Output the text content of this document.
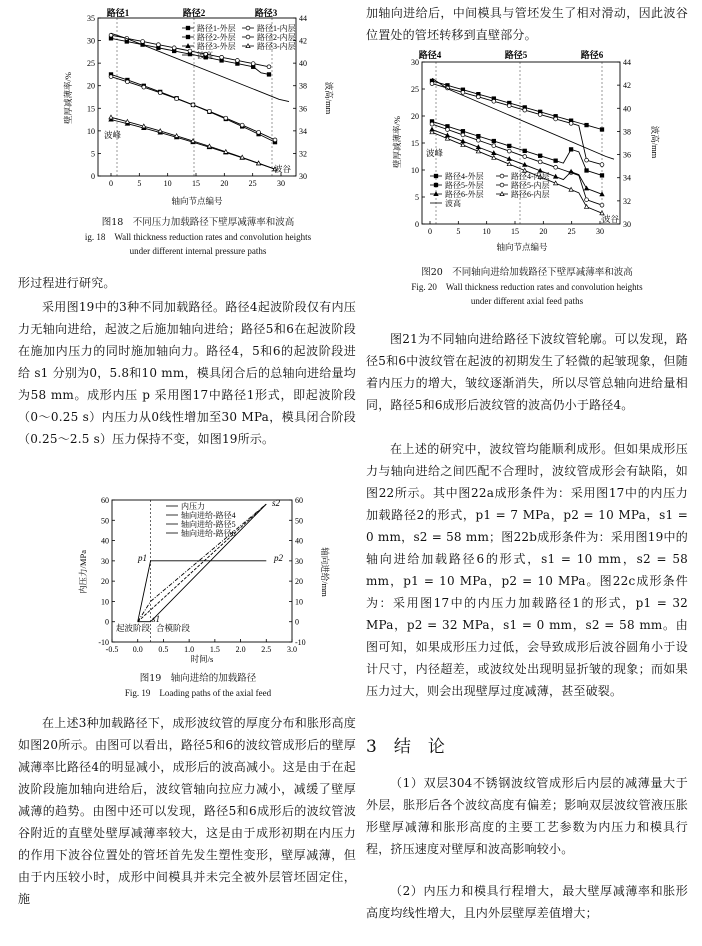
路径1	路径2	路径3
0
5
10
15
20
25
30
35
30
32
34
36
38
40
42
44
0	5	10	15	20	25	30
壁厚减薄率/%	波高/mm
轴向节点编号
路径1-外层	路径1-内层
路径2-外层	路径2-内层
路径3-外层	路径3-内层
波高
波峰
波谷
图18　不同压力加载路径下壁厚减薄率和波高
ig. 18　Wall thickness reduction rates and convolution heights
under different internal pressure paths
形过程进行研究。
采用图19中的3种不同加载路径。路径4起波阶段仅有内压力无轴向进给，起波之后施加轴向进给；路径5和6在起波阶段在施加内压力的同时施加轴向力。路径4，5和6的起波阶段进给 s1 分别为0，5.8和10 mm，模具闭合后的总轴向进给量均为58 mm。成形内压 p 采用图17中路径1形式，即起波阶段（0～0.25 s）内压力从0线性增加至30 MPa，模具闭合阶段（0.25～2.5 s）压力保持不变，如图19所示。
-10
0
10
20
30
40
50
60
-10
0
10
20
30
40
50
60
-0.5 0.0 0.5 1.0 1.5 2.0 2.5 3.0
内压力/MPa	轴向进给/mm
时间/s
内压力
轴向进给-路径4
轴向进给-路径5
轴向进给-路径6
p1	p2
s1
s2
起波阶段 合模阶段
图19　轴向进给的加载路径
Fig. 19　Loading paths of the axial feed
在上述3种加载路径下，成形波纹管的厚度分布和胀形高度如图20所示。由图可以看出，路径5和6的波纹管成形后的壁厚减薄率比路径4的明显减小，成形后的波高减小。这是由于在起波阶段施加轴向进给后，波纹管轴向拉应力减小，减缓了壁厚减薄的趋势。由图中还可以发现，路径5和6成形后的波纹管波谷附近的直壁处壁厚减薄率较大，这是由于成形初期在内压力的作用下波谷位置处的管坯首先发生塑性变形，壁厚减薄，但由于内压较小时，成形中间模具并未完全被外层管坯固定住，施
加轴向进给后，中间模具与管坯发生了相对滑动，因此波谷位置处的管坯转移到直壁部分。
路径4	路径5	路径6
0
5
10
15
20
25
30
30
32
34
36
38
40
42
44
0	5	10	15	20	25	30
壁厚减薄率/%	波高/mm
轴向节点编号
路径4-外层	路径4-内层
路径5-外层	路径5-内层
路径6-外层	路径6-内层
波高
波峰
波谷
图20　不同轴向进给加载路径下壁厚减薄率和波高
Fig. 20　Wall thickness reduction rates and convolution heights
under different axial feed paths
图21为不同轴向进给路径下波纹管轮廓。可以发现，路径5和6中波纹管在起波的初期发生了轻微的起皱现象，但随着内压力的增大，皱纹逐渐消失，所以尽管总轴向进给量相同，路径5和6成形后波纹管的波高仍小于路径4。
在上述的研究中，波纹管均能顺利成形。但如果成形压力与轴向进给之间匹配不合理时，波纹管成形会有缺陷，如图22所示。其中图22a成形条件为：采用图17中的内压力加载路径2的形式，p1 = 7 MPa，p2 = 10 MPa，s1 = 0 mm，s2 = 58 mm；图22b成形条件为：采用图19中的轴向进给加载路径6的形式，s1 = 10 mm，s2 = 58 mm，p1 = 10 MPa，p2 = 10 MPa。图22c成形条件为：采用图17中的内压力加载路径1的形式，p1 = 32 MPa，p2 = 32 MPa，s1 = 0 mm，s2 = 58 mm。由图可知，如果成形压力过低，会导致成形后波谷圆角小于设计尺寸，内径超差，或波纹处出现明显折皱的现象；而如果压力过大，则会出现壁厚过度减薄，甚至破裂。
3　结　论
（1）双层304不锈钢波纹管成形后内层的减薄量大于外层，胀形后各个波纹高度有偏差；影响双层波纹管液压胀形壁厚减薄和胀形高度的主要工艺参数为内压力和模具行程，挤压速度对壁厚和波高影响较小。
（2）内压力和模具行程增大，最大壁厚减薄率和胀形高度均线性增大，且内外层壁厚差值增大；
